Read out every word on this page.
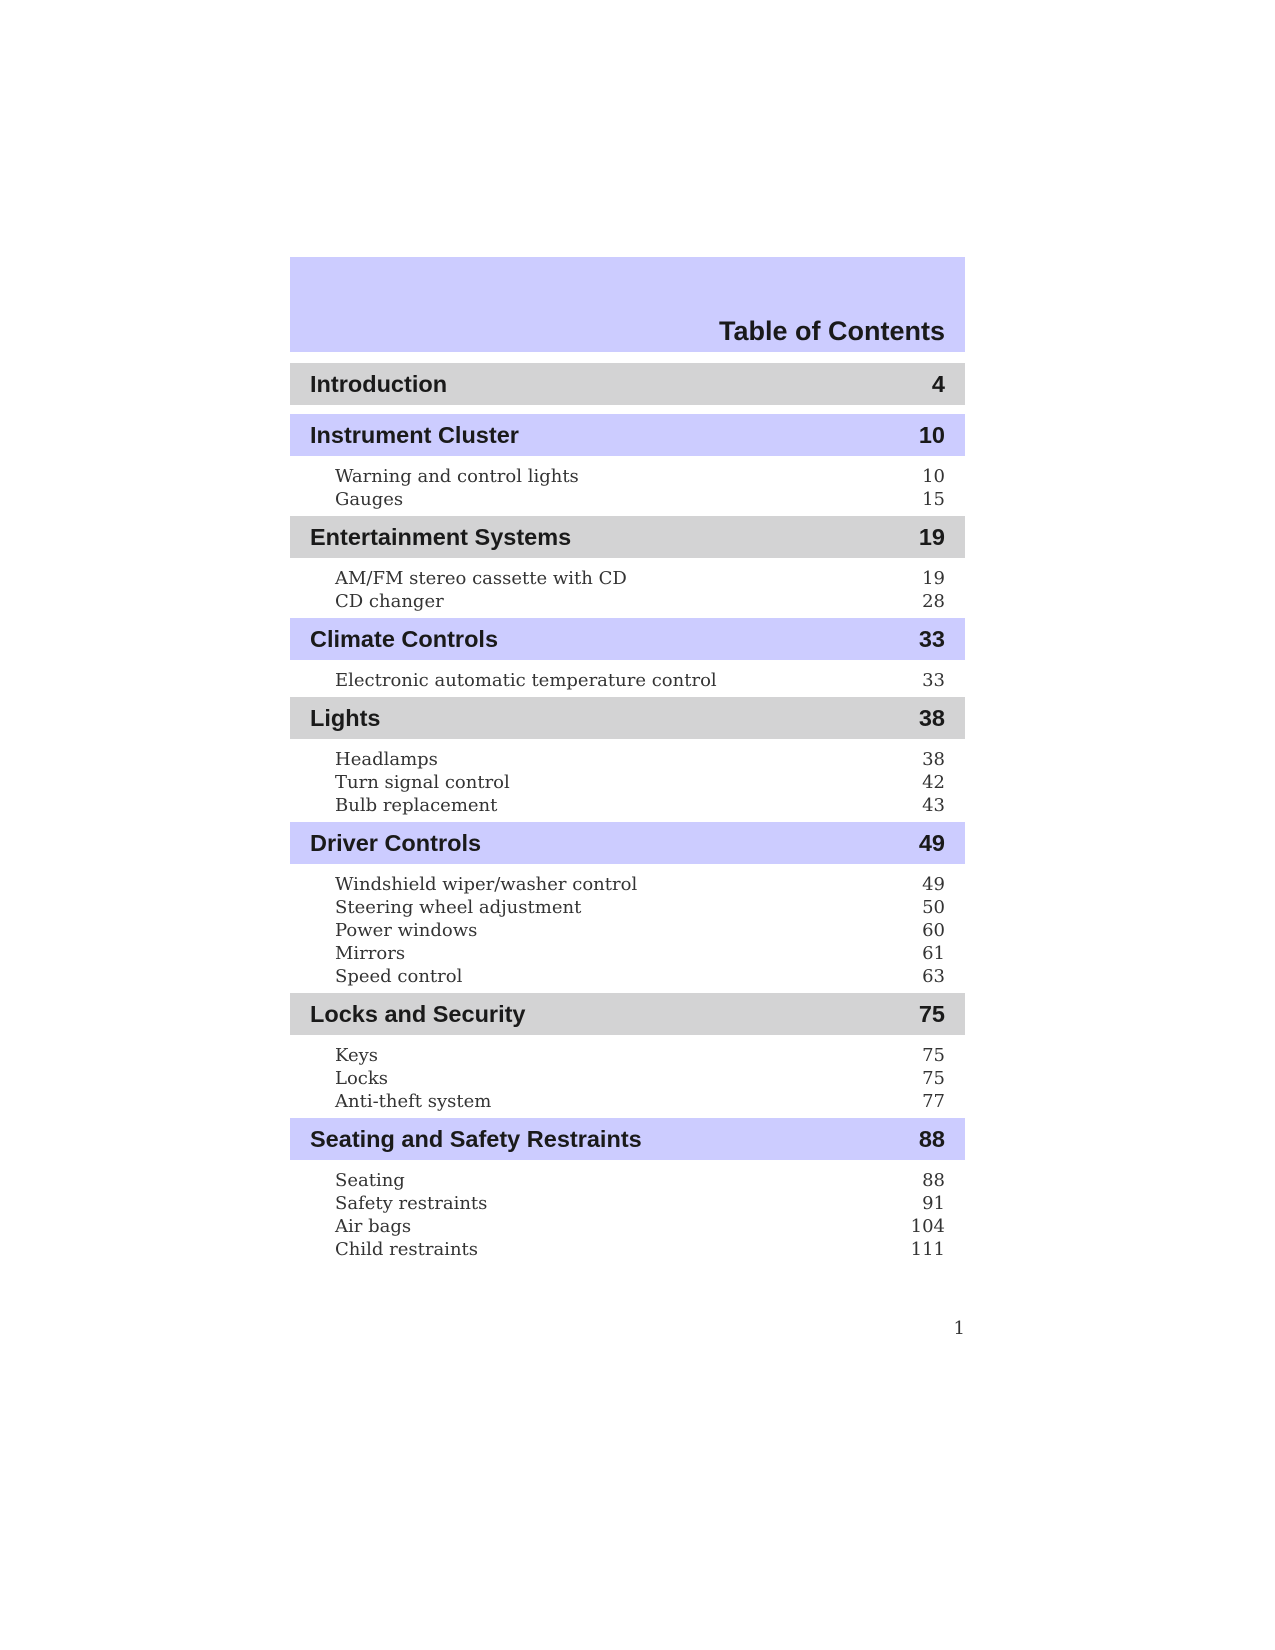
Table of Contents
Introduction	4
Instrument Cluster	10
Warning and control lights	10
Gauges	15
Entertainment Systems	19
AM/FM stereo cassette with CD	19
CD changer	28
Climate Controls	33
Electronic automatic temperature control	33
Lights	38
Headlamps	38
Turn signal control	42
Bulb replacement	43
Driver Controls	49
Windshield wiper/washer control	49
Steering wheel adjustment	50
Power windows	60
Mirrors	61
Speed control	63
Locks and Security	75
Keys	75
Locks	75
Anti-theft system	77
Seating and Safety Restraints	88
Seating	88
Safety restraints	91
Air bags	104
Child restraints	111
1
